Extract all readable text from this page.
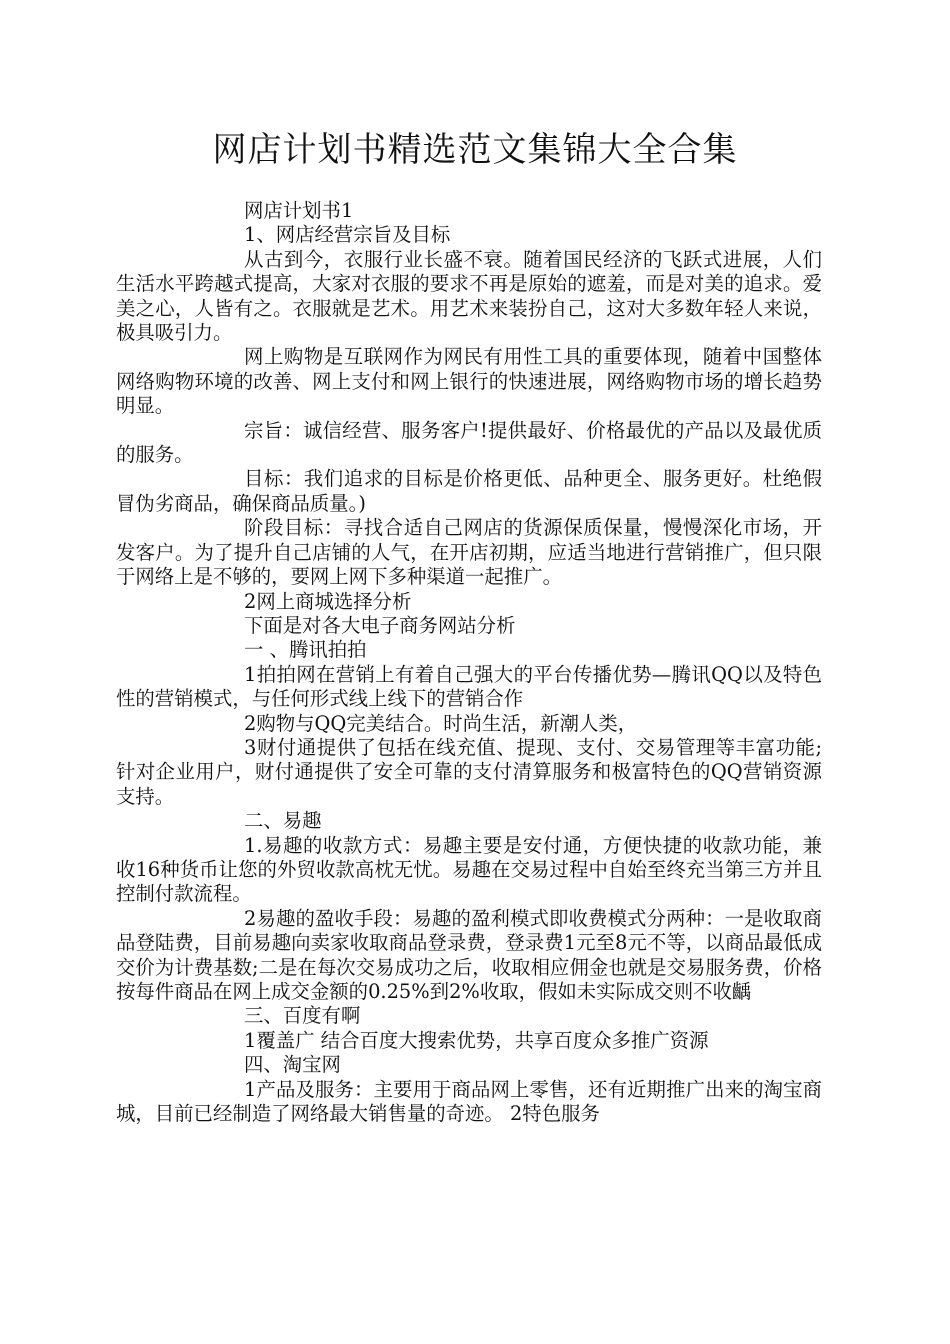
网店计划书精选范文集锦大全合集

网店计划书1

1、网店经营宗旨及目标

从古到今，衣服行业长盛不衰。随着国民经济的飞跃式进展，人们生活水平跨越式提高，大家对衣服的要求不再是原始的遮羞，而是对美的追求。爱美之心，人皆有之。衣服就是艺术。用艺术来装扮自己，这对大多数年轻人来说，极具吸引力。

网上购物是互联网作为网民有用性工具的重要体现，随着中国整体网络购物环境的改善、网上支付和网上银行的快速进展，网络购物市场的增长趋势明显。

宗旨：诚信经营、服务客户!提供最好、价格最优的产品以及最优质的服务。

目标：我们追求的目标是价格更低、品种更全、服务更好。杜绝假冒伪劣商品，确保商品质量。)

阶段目标：寻找合适自己网店的货源保质保量，慢慢深化市场，开发客户。为了提升自己店铺的人气，在开店初期，应适当地进行营销推广，但只限于网络上是不够的，要网上网下多种渠道一起推广。

2网上商城选择分析

下面是对各大电子商务网站分析

一 、腾讯拍拍

1拍拍网在营销上有着自己强大的平台传播优势—腾讯QQ以及特色性的营销模式，与任何形式线上线下的营销合作

2购物与QQ完美结合。时尚生活，新潮人类，

3财付通提供了包括在线充值、提现、支付、交易管理等丰富功能;针对企业用户，财付通提供了安全可靠的支付清算服务和极富特色的QQ营销资源支持。

二、易趣

1.易趣的收款方式：易趣主要是安付通，方便快捷的收款功能，兼收16种货币让您的外贸收款高枕无忧。易趣在交易过程中自始至终充当第三方并且控制付款流程。

2易趣的盈收手段：易趣的盈利模式即收费模式分两种：一是收取商品登陆费，目前易趣向卖家收取商品登录费，登录费1元至8元不等，以商品最低成交价为计费基数;二是在每次交易成功之后，收取相应佣金也就是交易服务费，价格按每件商品在网上成交金额的0.25%到2%收取，假如未实际成交则不收齲

三、百度有啊

1覆盖广 结合百度大搜索优势，共享百度众多推广资源

四、淘宝网

1产品及服务：主要用于商品网上零售，还有近期推广出来的淘宝商城，目前已经制造了网络最大销售量的奇迹。 2特色服务
